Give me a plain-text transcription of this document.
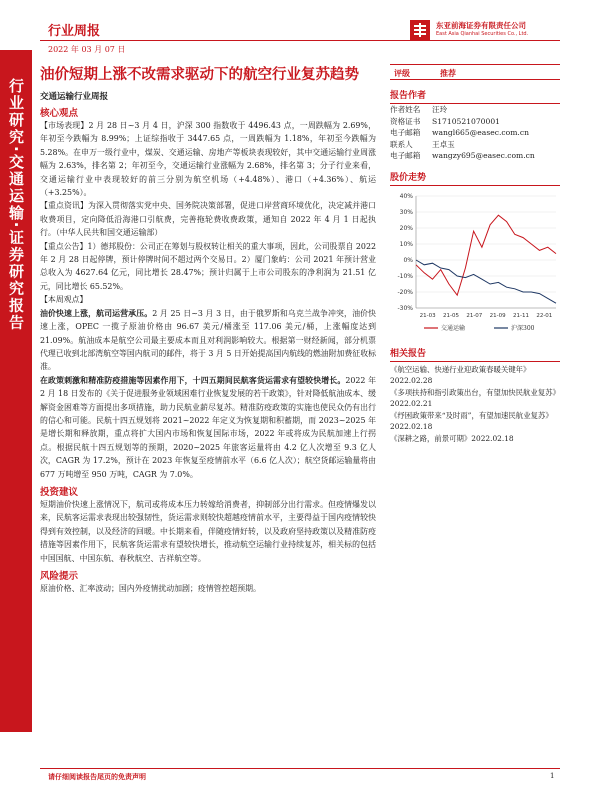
行业周报	东亚前海证券有限责任公司
East Asia Qianhai Securities Co., Ltd.
2022 年 03 月 07 日
行业研究·交通运输·证券研究报告
油价短期上涨不改需求驱动下的航空行业复苏趋势
交通运输行业周报
核心观点

【市场表现】2 月 28 日~3 月 4 日，沪深 300 指数收于 4496.43 点，一周跌幅为 2.69%，年初至今跌幅为 8.99%；上证综指收于 3447.65 点，一周跌幅为 1.18%，年初至今跌幅为 5.28%。在申万一级行业中，煤炭、交通运输、房地产等板块表现较好，其中交通运输行业周涨幅为 2.63%，排名第 2；年初至今，交通运输行业涨幅为 2.68%，排名第 3；分子行业来看，交通运输行业中表现较好的前三分别为航空机场（+4.48%）、港口（+4.36%）、航运（+3.25%）。

【重点资讯】为深入贯彻落实党中央、国务院决策部署，促进口岸营商环境优化，决定减并港口收费项目，定向降低沿海港口引航费，完善拖轮费收费政策，通知自 2022 年 4 月 1 日起执行。（中华人民共和国交通运输部）

【重点公告】1）德邦股份：公司正在筹划与股权转让相关的重大事项，因此，公司股票自 2022 年 2 月 28 日起停牌，预计停牌时间不超过两个交易日。2）厦门象屿：公司 2021 年预计营业总收入为 4627.64 亿元，同比增长 28.47%；预计归属于上市公司股东的净利润为 21.51 亿元，同比增长 65.52%。

【本周观点】

油价快速上涨，航司运营承压。2 月 25 日~3 月 3 日，由于俄罗斯和乌克兰战争冲突，油价快速上涨，OPEC 一揽子原油价格由 96.67 美元/桶涨至 117.06 美元/桶，上涨幅度达到 21.09%。航油成本是航空公司最主要成本而且对利润影响较大。根据第一财经新闻，部分机票代理已收到北部湾航空等国内航司的邮件，将于 3 月 5 日开始提高国内航线的燃油附加费征收标准。

在政策刺激和精准防疫措施等因素作用下，十四五期间民航客货运需求有望较快增长。2022 年 2 月 18 日发布的《关于促进服务业领域困难行业恢复发展的若干政策》，针对降低航油成本、缓解资金困难等方面提出多项措施，助力民航业薪尽复苏。精准防疫政策的实施也使民众仍有出行的信心和可能。民航十四五规划将 2021~2022 年定义为恢复期和积蓄期，而 2023~2025 年是增长期和释放期，重点将扩大国内市场和恢复国际市场，2022 年或将成为民航加速上行拐点。根据民航十四五规划等的预期，2020~2025 年旅客运量将由 4.2 亿人次增至 9.3 亿人次，CAGR 为 17.2%，预计在 2023 年恢复至疫情前水平（6.6 亿人次）；航空货邮运输量将由 677 万吨增至 950 万吨，CAGR 为 7.0%。

投资建议

短期油价快速上涨情况下，航司或将成本压力转嫁给消费者，抑制部分出行需求。但疫情爆发以来，民航客运需求表现出较强韧性，货运需求则较快超越疫情前水平，主要得益于国内疫情较快得到有效控制，以及经济的回暖。中长期来看，伴随疫情好转，以及政府坚持政策以及精准防疫措施等因素作用下，民航客货运需求有望较快增长，推动航空运输行业持续复苏，相关标的包括中国国航、中国东航、春秋航空、吉祥航空等。

风险提示

原油价格、汇率波动；国内外疫情扰动加剧；疫情管控超预期。

评级	推荐
报告作者
作者姓名	汪玲
资格证书	S1710521070001
电子邮箱	wangl665@easec.com.cn
联系人	王卓玉
电子邮箱	wangzy695@easec.com.cn
股价走势
40%
30%
20%
10%
0%
-10%
-20%
-30%
21-03 21-05 21-07 21-09 21-11 22-01
交通运输	沪深300
相关报告
《航空运输、快递行业迎政策春暖关键年》2022.02.28
《多项扶持和指引政策出台，有望加快民航业复苏》2022.02.21
《纾困政策带来“及时雨”，有望加速民航业复苏》2022.02.18
《深耕之路，前景可期》2022.02.18
请仔细阅读报告尾页的免责声明	1
